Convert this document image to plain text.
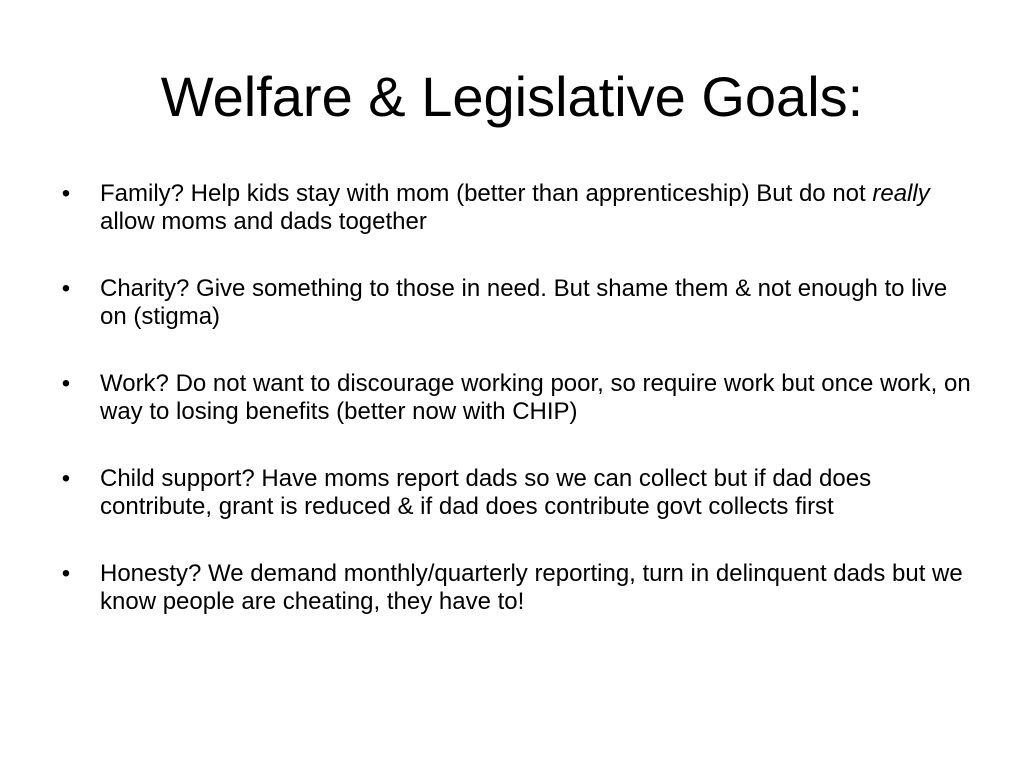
Welfare & Legislative Goals:
• Family? Help kids stay with mom (better than apprenticeship) But do not really allow moms and dads together
• Charity? Give something to those in need. But shame them & not enough to live on (stigma)
• Work? Do not want to discourage working poor, so require work but once work, on way to losing benefits (better now with CHIP)
• Child support? Have moms report dads so we can collect but if dad does contribute, grant is reduced & if dad does contribute govt collects first
• Honesty? We demand monthly/quarterly reporting, turn in delinquent dads but we know people are cheating, they have to!
